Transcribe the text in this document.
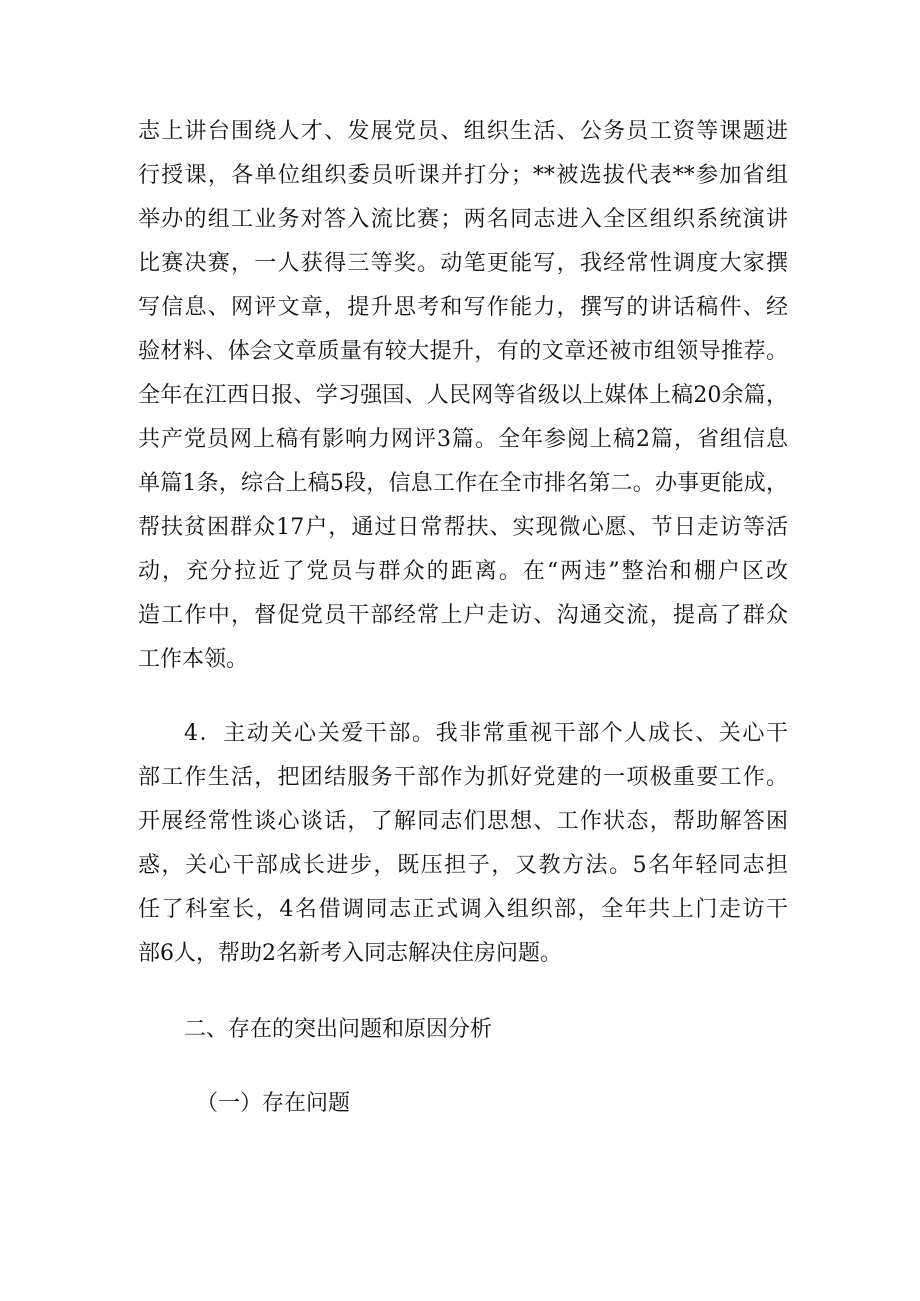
志上讲台围绕人才、发展党员、组织生活、公务员工资等课题进
行授课，各单位组织委员听课并打分；**被选拔代表**参加省组
举办的组工业务对答入流比赛；两名同志进入全区组织系统演讲
比赛决赛，一人获得三等奖。动笔更能写，我经常性调度大家撰
写信息、网评文章，提升思考和写作能力，撰写的讲话稿件、经
验材料、体会文章质量有较大提升，有的文章还被市组领导推荐。
全年在江西日报、学习强国、人民网等省级以上媒体上稿20余篇，
共产党员网上稿有影响力网评3篇。全年参阅上稿2篇，省组信息
单篇1条，综合上稿5段，信息工作在全市排名第二。办事更能成，
帮扶贫困群众17户，通过日常帮扶、实现微心愿、节日走访等活
动，充分拉近了党员与群众的距离。在“两违”整治和棚户区改
造工作中，督促党员干部经常上户走访、沟通交流，提高了群众
工作本领。
4．主动关心关爱干部。我非常重视干部个人成长、关心干
部工作生活，把团结服务干部作为抓好党建的一项极重要工作。
开展经常性谈心谈话，了解同志们思想、工作状态，帮助解答困
惑，关心干部成长进步，既压担子，又教方法。5名年轻同志担
任了科室长，4名借调同志正式调入组织部，全年共上门走访干
部6人，帮助2名新考入同志解决住房问题。
二、存在的突出问题和原因分析
（一）存在问题
